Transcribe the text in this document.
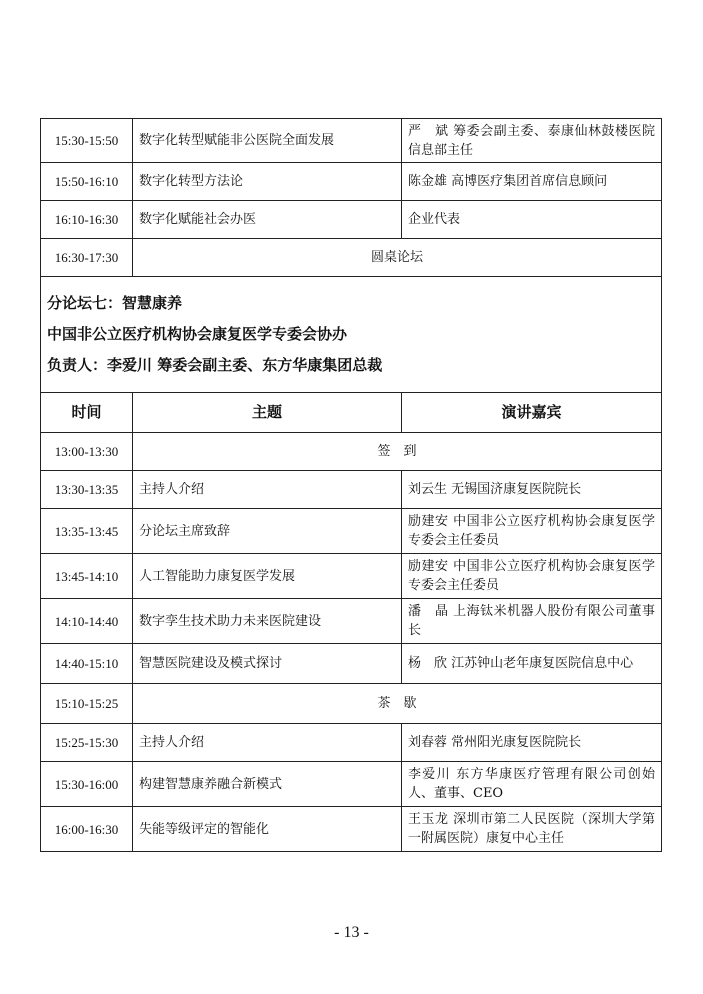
15:30-15:50	数字化转型赋能非公医院全面发展	严　斌 筹委会副主委、泰康仙林鼓楼医院信息部主任
15:50-16:10	数字化转型方法论	陈金雄 高博医疗集团首席信息顾问
16:10-16:30	数字化赋能社会办医	企业代表
16:30-17:30	圆桌论坛	

分论坛七：智慧康养
中国非公立医疗机构协会康复医学专委会协办
负责人：李爱川 筹委会副主委、东方华康集团总裁		

时间	主题	演讲嘉宾
13:00-13:30	签　到	
13:30-13:35	主持人介绍	刘云生 无锡国济康复医院院长
13:35-13:45	分论坛主席致辞	励建安 中国非公立医疗机构协会康复医学专委会主任委员
13:45-14:10	人工智能助力康复医学发展	励建安 中国非公立医疗机构协会康复医学专委会主任委员
14:10-14:40	数字孪生技术助力未来医院建设	潘　晶 上海钛米机器人股份有限公司董事长
14:40-15:10	智慧医院建设及模式探讨	杨　欣 江苏钟山老年康复医院信息中心
15:10-15:25	茶　歇	
15:25-15:30	主持人介绍	刘春蓉 常州阳光康复医院院长
15:30-16:00	构建智慧康养融合新模式	李爱川 东方华康医疗管理有限公司创始人、董事、CEO
16:00-16:30	失能等级评定的智能化	王玉龙 深圳市第二人民医院（深圳大学第一附属医院）康复中心主任
- 13 -
